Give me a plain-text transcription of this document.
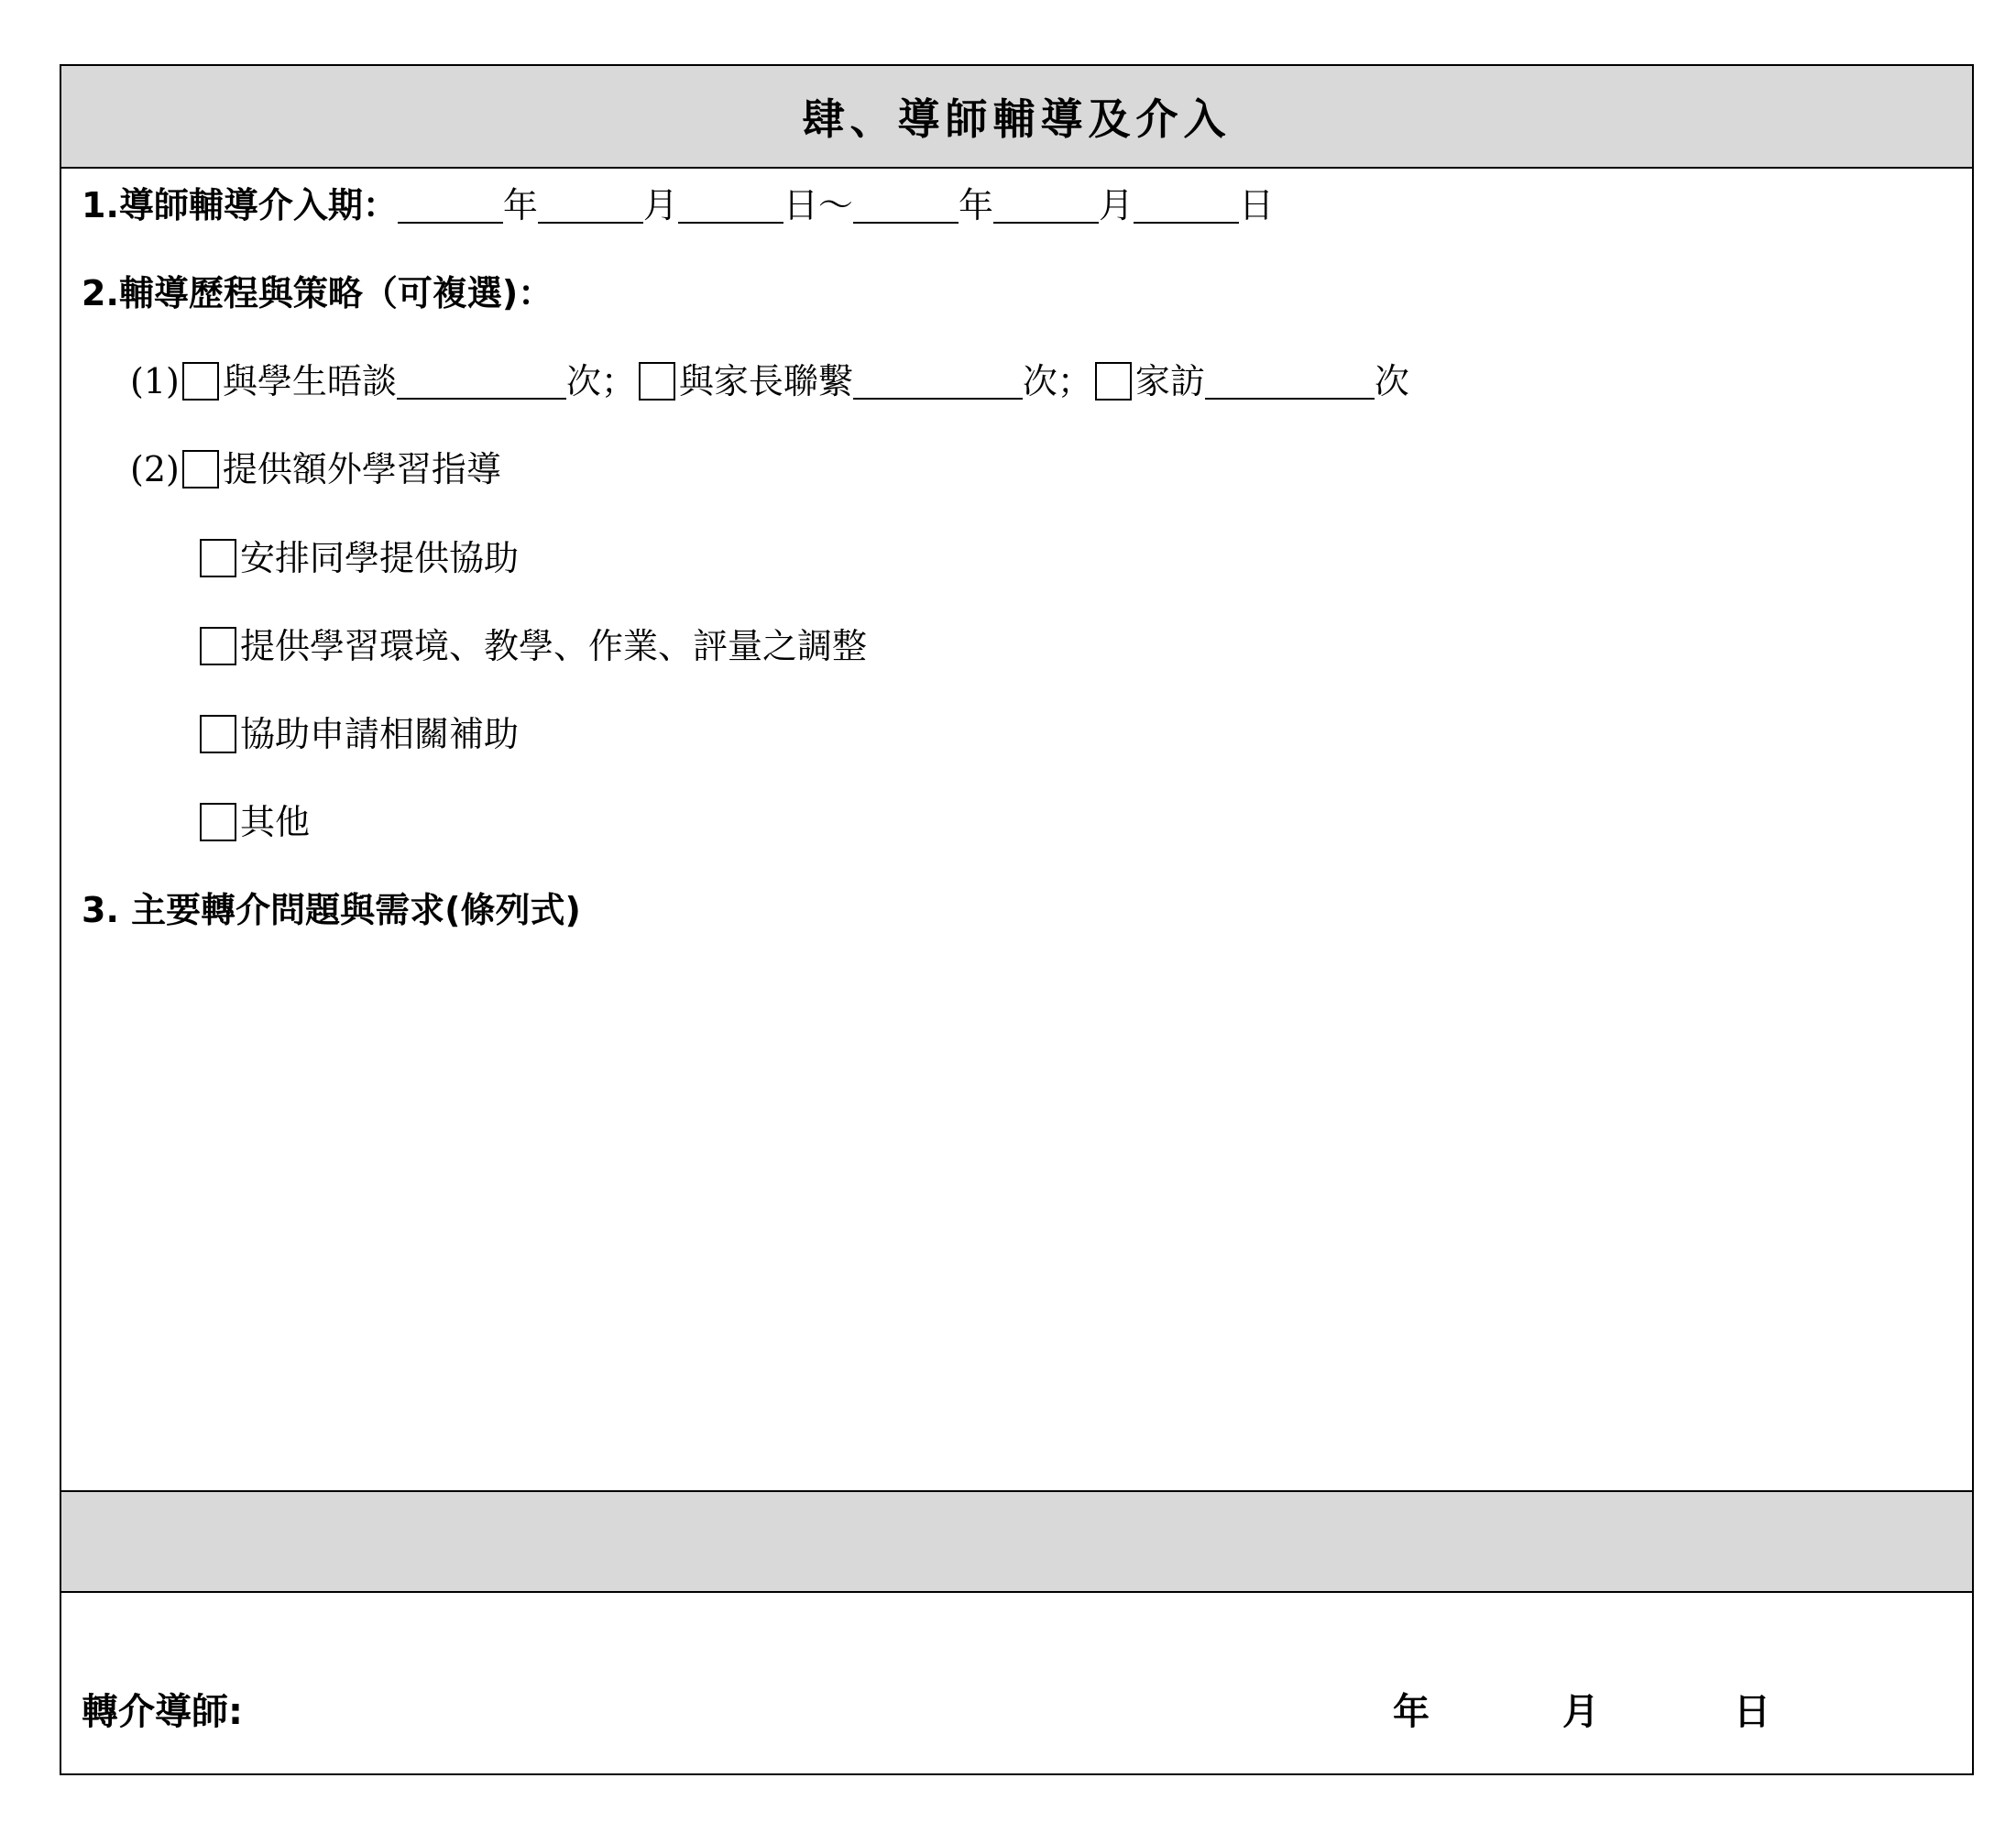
肆、導師輔導及介入
1.導師輔導介入期：	年	月	日～	年	月	日
2.輔導歷程與策略（可複選)：
(1) 與學生晤談	次； 與家長聯繫	次； 家訪	次
(2) 提供額外學習指導
安排同學提供協助
提供學習環境、教學、作業、評量之調整
協助申請相關補助
其他
3. 主要轉介問題與需求(條列式)
轉介導師:	年	月	日
